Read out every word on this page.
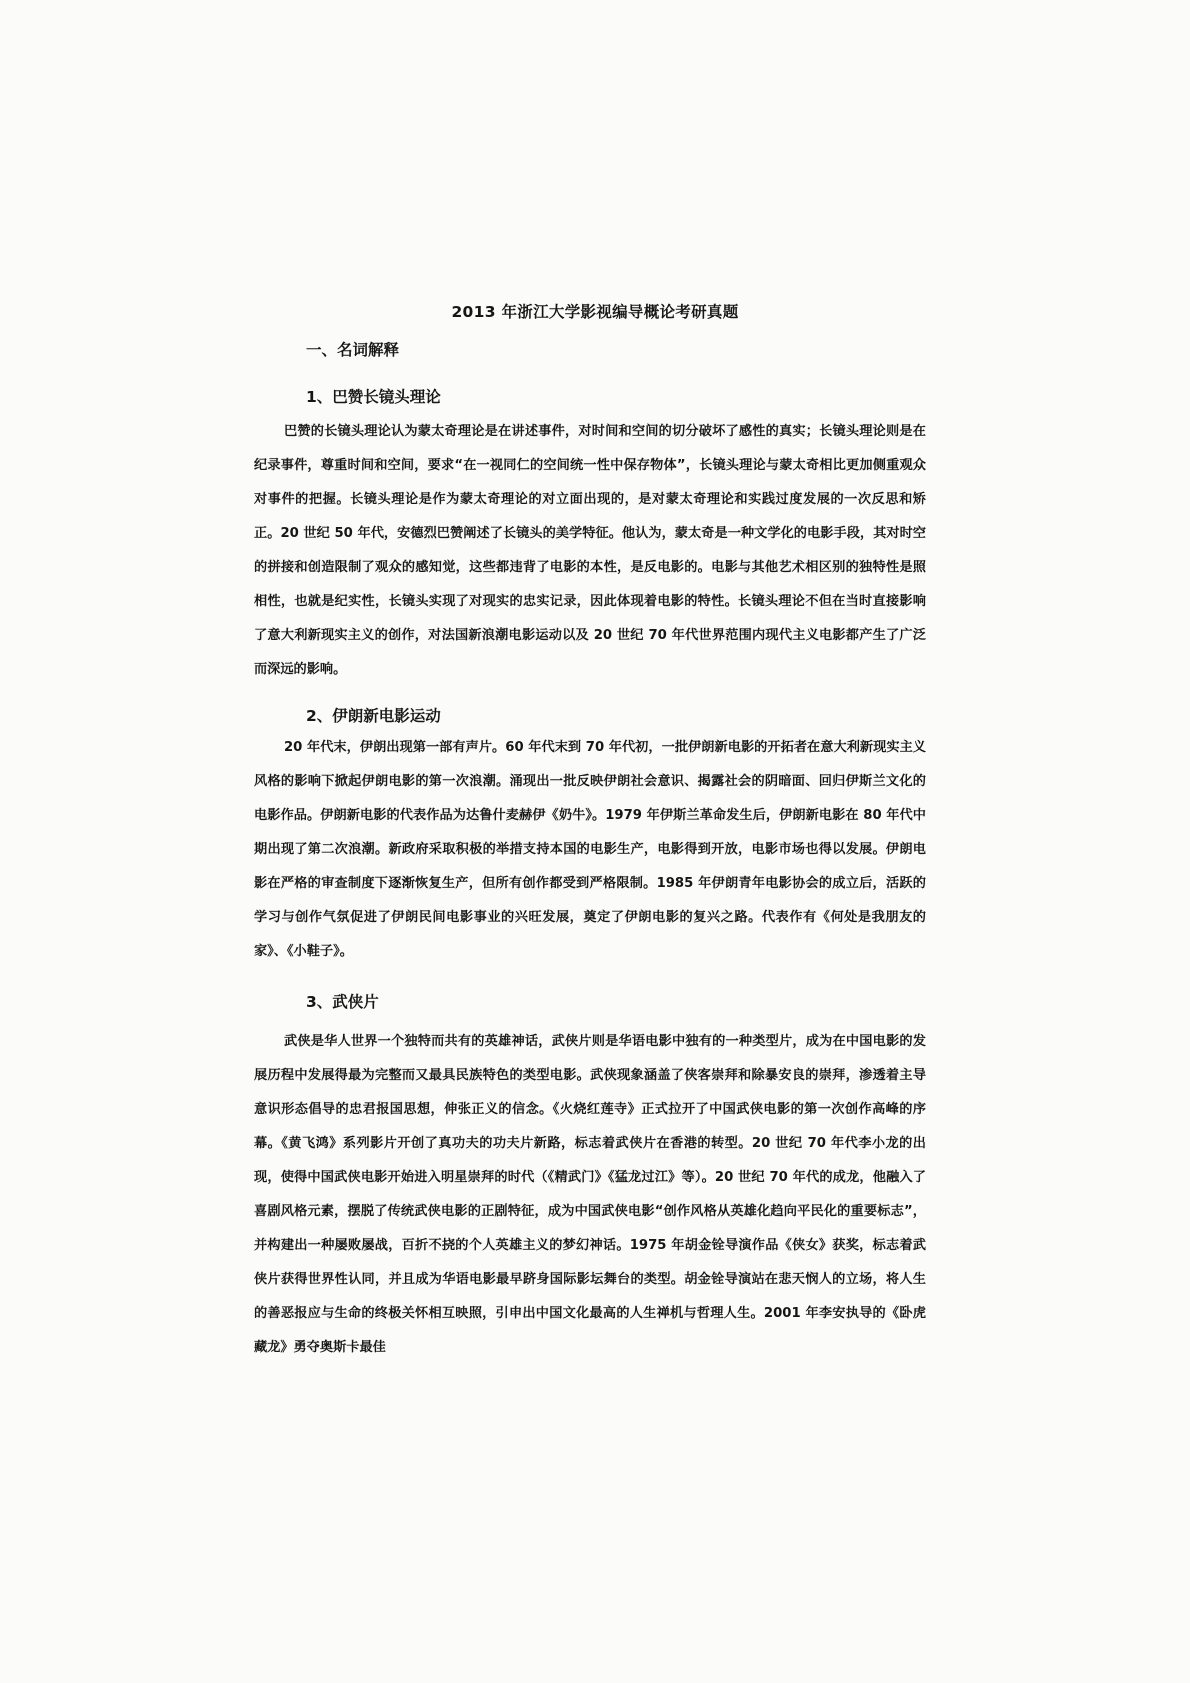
2013 年浙江大学影视编导概论考研真题
一、名词解释
1、巴赞长镜头理论
巴赞的长镜头理论认为蒙太奇理论是在讲述事件，对时间和空间的切分破坏了感性的真实；长镜头理论则是在纪录事件，尊重时间和空间，要求“在一视同仁的空间统一性中保存物体”，长镜头理论与蒙太奇相比更加侧重观众对事件的把握。长镜头理论是作为蒙太奇理论的对立面出现的，是对蒙太奇理论和实践过度发展的一次反思和矫正。20 世纪 50 年代，安德烈巴赞阐述了长镜头的美学特征。他认为，蒙太奇是一种文学化的电影手段，其对时空的拼接和创造限制了观众的感知觉，这些都违背了电影的本性，是反电影的。电影与其他艺术相区别的独特性是照相性，也就是纪实性，长镜头实现了对现实的忠实记录，因此体现着电影的特性。长镜头理论不但在当时直接影响了意大利新现实主义的创作，对法国新浪潮电影运动以及 20 世纪 70 年代世界范围内现代主义电影都产生了广泛而深远的影响。
2、伊朗新电影运动
20 年代末，伊朗出现第一部有声片。60 年代末到 70 年代初，一批伊朗新电影的开拓者在意大利新现实主义风格的影响下掀起伊朗电影的第一次浪潮。涌现出一批反映伊朗社会意识、揭露社会的阴暗面、回归伊斯兰文化的电影作品。伊朗新电影的代表作品为达鲁什麦赫伊《奶牛》。1979 年伊斯兰革命发生后，伊朗新电影在 80 年代中期出现了第二次浪潮。新政府采取积极的举措支持本国的电影生产，电影得到开放，电影市场也得以发展。伊朗电影在严格的审查制度下逐渐恢复生产，但所有创作都受到严格限制。1985 年伊朗青年电影协会的成立后，活跃的学习与创作气氛促进了伊朗民间电影事业的兴旺发展，奠定了伊朗电影的复兴之路。代表作有《何处是我朋友的家》、《小鞋子》。
3、武侠片
武侠是华人世界一个独特而共有的英雄神话，武侠片则是华语电影中独有的一种类型片，成为在中国电影的发展历程中发展得最为完整而又最具民族特色的类型电影。武侠现象涵盖了侠客崇拜和除暴安良的崇拜，渗透着主导意识形态倡导的忠君报国思想，伸张正义的信念。《火烧红莲寺》正式拉开了中国武侠电影的第一次创作高峰的序幕。《黄飞鸿》系列影片开创了真功夫的功夫片新路，标志着武侠片在香港的转型。20 世纪 70 年代李小龙的出现，使得中国武侠电影开始进入明星崇拜的时代（《精武门》《猛龙过江》等）。20 世纪 70 年代的成龙，他融入了喜剧风格元素，摆脱了传统武侠电影的正剧特征，成为中国武侠电影“创作风格从英雄化趋向平民化的重要标志”，并构建出一种屡败屡战，百折不挠的个人英雄主义的梦幻神话。1975 年胡金铨导演作品《侠女》获奖，标志着武侠片获得世界性认同，并且成为华语电影最早跻身国际影坛舞台的类型。胡金铨导演站在悲天悯人的立场，将人生的善恶报应与生命的终极关怀相互映照，引申出中国文化最高的人生禅机与哲理人生。2001 年李安执导的《卧虎藏龙》勇夺奥斯卡最佳
